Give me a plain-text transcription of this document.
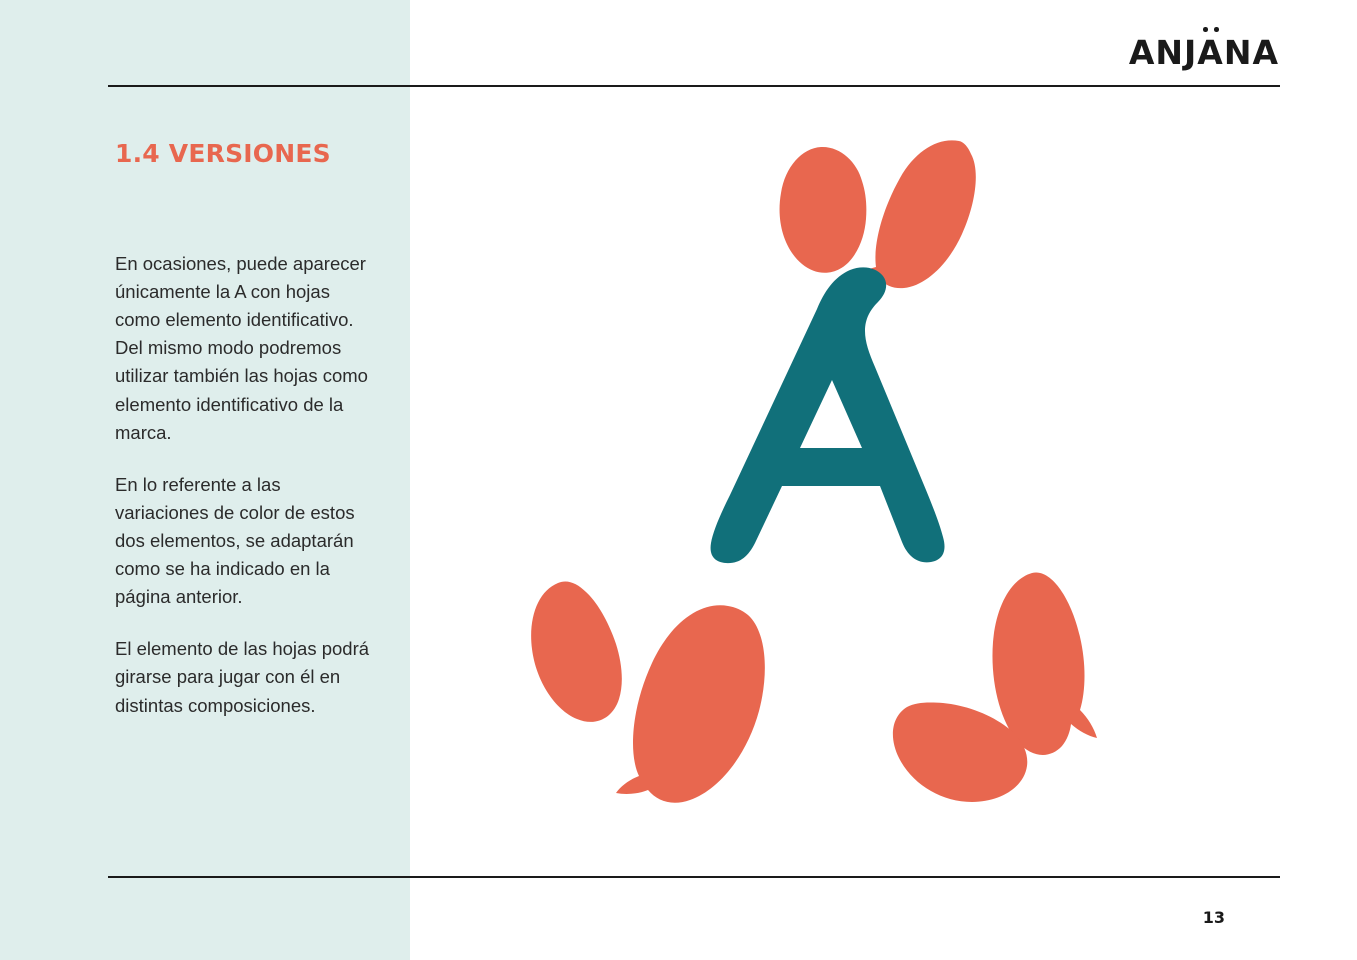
ANJANA
1.4 VERSIONES

En ocasiones, puede aparecer únicamente la A con hojas como elemento identificativo. Del mismo modo podremos utilizar también las hojas como elemento identificativo de la marca.

En lo referente a las variaciones de color de estos dos elementos, se adaptarán como se ha indicado en la página anterior.

El elemento de las hojas podrá girarse para jugar con él en distintas composiciones.

13
